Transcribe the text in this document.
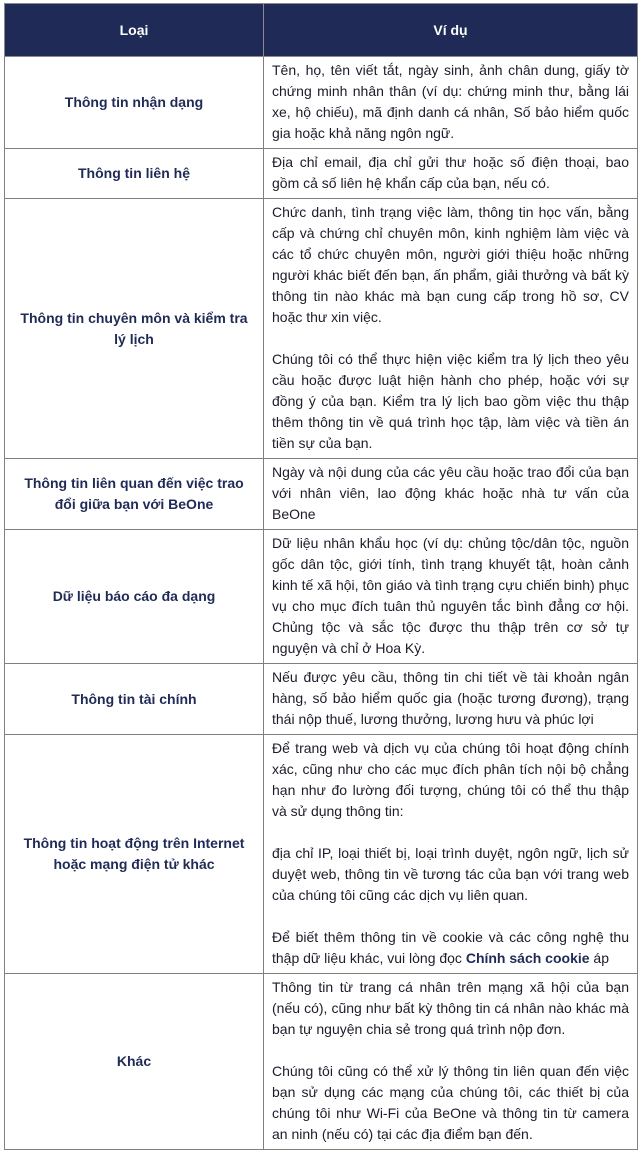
Loại	Ví dụ
Thông tin nhận dạng	Tên, họ, tên viết tắt, ngày sinh, ảnh chân dung, giấy tờ chứng minh nhân thân (ví dụ: chứng minh thư, bằng lái xe, hộ chiếu), mã định danh cá nhân, Số bảo hiểm quốc gia hoặc khả năng ngôn ngữ.

Thông tin liên hệ	Địa chỉ email, địa chỉ gửi thư hoặc số điện thoại, bao gồm cả số liên hệ khẩn cấp của bạn, nếu có.

Thông tin chuyên môn và kiểm tra lý lịch	Chức danh, tình trạng việc làm, thông tin học vấn, bằng cấp và chứng chỉ chuyên môn, kinh nghiệm làm việc và các tổ chức chuyên môn, người giới thiệu hoặc những người khác biết đến bạn, ấn phẩm, giải thưởng và bất kỳ thông tin nào khác mà bạn cung cấp trong hồ sơ, CV hoặc thư xin việc.

Chúng tôi có thể thực hiện việc kiểm tra lý lịch theo yêu cầu hoặc được luật hiện hành cho phép, hoặc với sự đồng ý của bạn. Kiểm tra lý lịch bao gồm việc thu thập thêm thông tin về quá trình học tập, làm việc và tiền án tiền sự của bạn.

Thông tin liên quan đến việc trao đổi giữa bạn với BeOne	Ngày và nội dung của các yêu cầu hoặc trao đổi của bạn với nhân viên, lao động khác hoặc nhà tư vấn của BeOne

Dữ liệu báo cáo đa dạng	Dữ liệu nhân khẩu học (ví dụ: chủng tộc/dân tộc, nguồn gốc dân tộc, giới tính, tình trạng khuyết tật, hoàn cảnh kinh tế xã hội, tôn giáo và tình trạng cựu chiến binh) phục vụ cho mục đích tuân thủ nguyên tắc bình đẳng cơ hội. Chủng tộc và sắc tộc được thu thập trên cơ sở tự nguyện và chỉ ở Hoa Kỳ.

Thông tin tài chính	Nếu được yêu cầu, thông tin chi tiết về tài khoản ngân hàng, số bảo hiểm quốc gia (hoặc tương đương), trạng thái nộp thuế, lương thưởng, lương hưu và phúc lợi

Thông tin hoạt động trên Internet hoặc mạng điện tử khác	Để trang web và dịch vụ của chúng tôi hoạt động chính xác, cũng như cho các mục đích phân tích nội bộ chẳng hạn như đo lường đối tượng, chúng tôi có thể thu thập và sử dụng thông tin:

địa chỉ IP, loại thiết bị, loại trình duyệt, ngôn ngữ, lịch sử duyệt web, thông tin về tương tác của bạn với trang web của chúng tôi cũng các dịch vụ liên quan.

Để biết thêm thông tin về cookie và các công nghệ thu thập dữ liệu khác, vui lòng đọc Chính sách cookie áp

Khác	Thông tin từ trang cá nhân trên mạng xã hội của bạn (nếu có), cũng như bất kỳ thông tin cá nhân nào khác mà bạn tự nguyện chia sẻ trong quá trình nộp đơn.

Chúng tôi cũng có thể xử lý thông tin liên quan đến việc bạn sử dụng các mạng của chúng tôi, các thiết bị của chúng tôi như Wi-Fi của BeOne và thông tin từ camera an ninh (nếu có) tại các địa điểm bạn đến.
